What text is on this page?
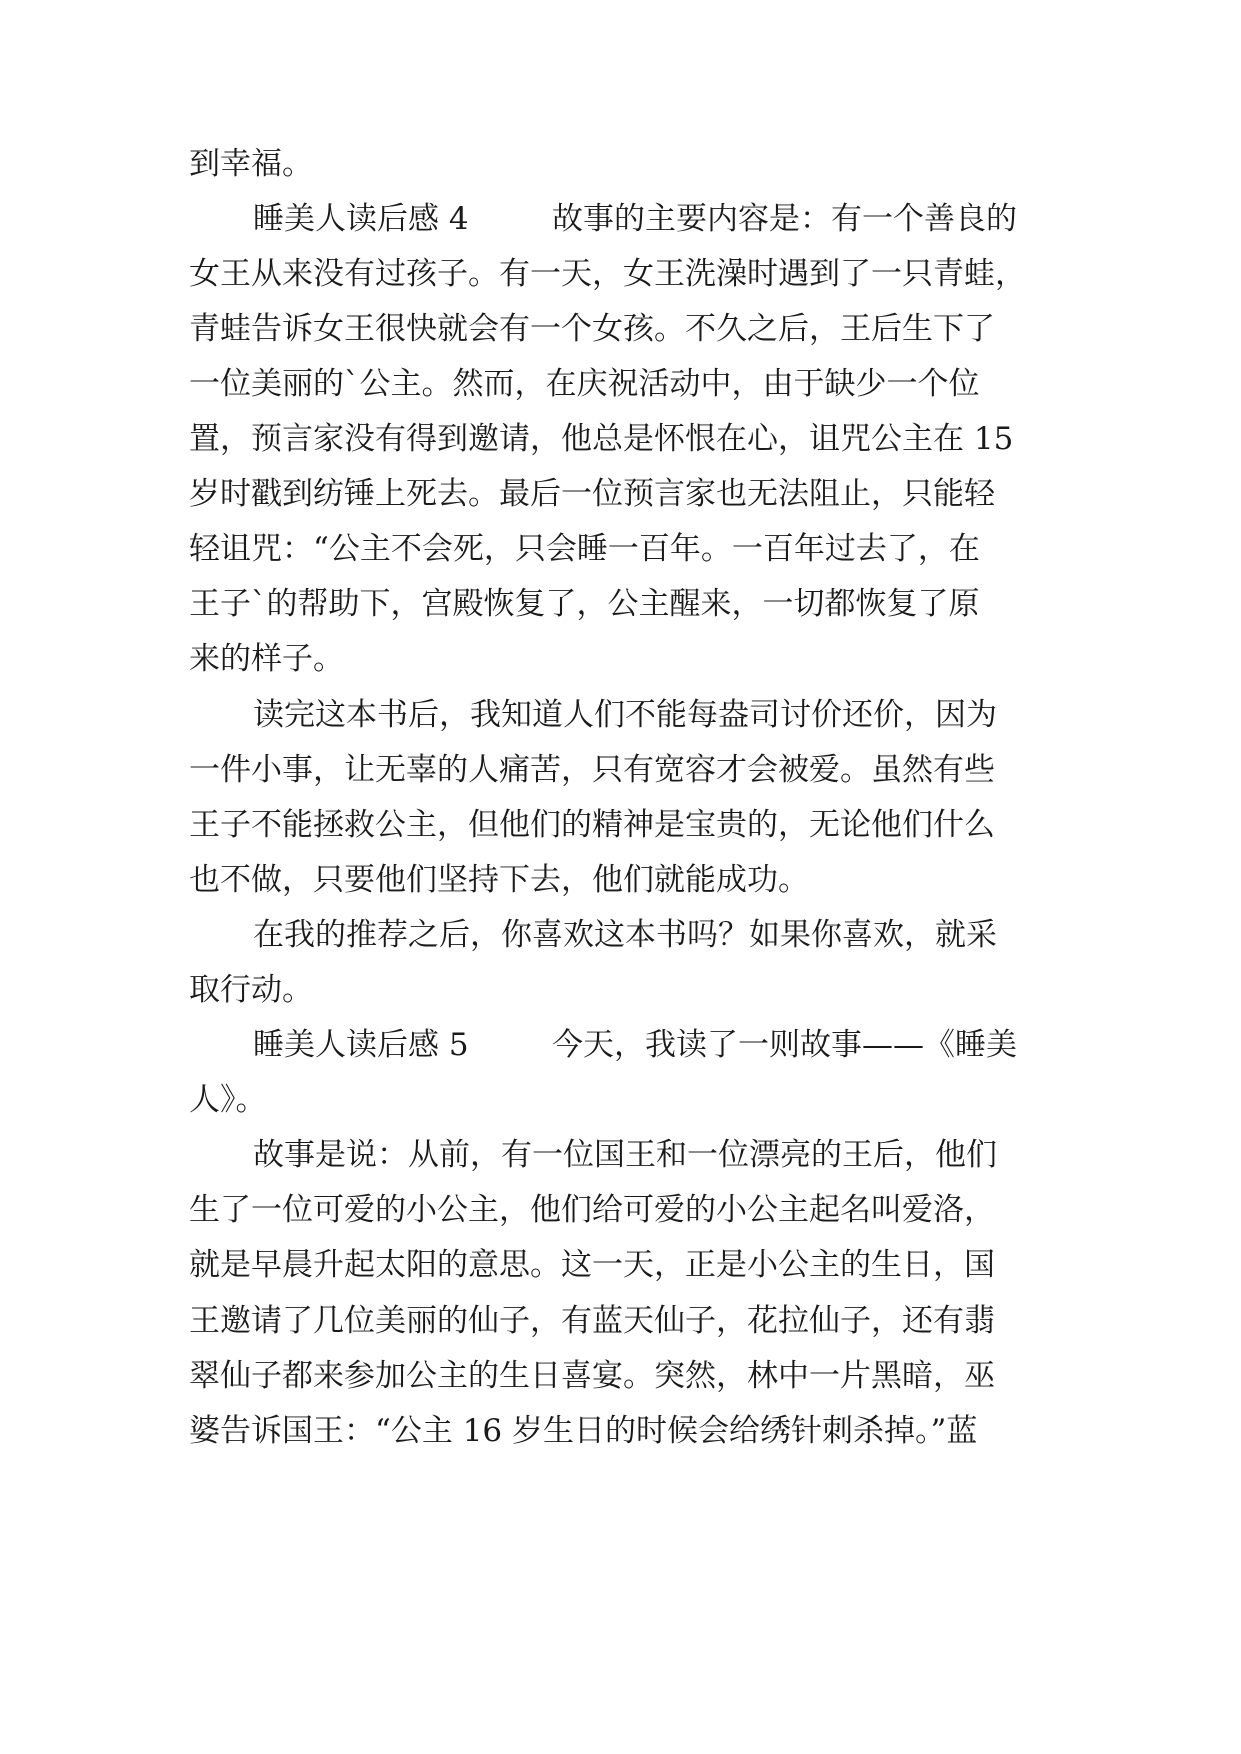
到幸福。
睡美人读后感 4	故事的主要内容是：有一个善良的
女王从来没有过孩子。有一天，女王洗澡时遇到了一只青蛙，
青蛙告诉女王很快就会有一个女孩。不久之后，王后生下了
一位美丽的`公主。然而，在庆祝活动中，由于缺少一个位
置，预言家没有得到邀请，他总是怀恨在心，诅咒公主在 15
岁时戳到纺锤上死去。最后一位预言家也无法阻止，只能轻
轻诅咒：“公主不会死，只会睡一百年。一百年过去了，在
王子`的帮助下，宫殿恢复了，公主醒来，一切都恢复了原
来的样子。
读完这本书后，我知道人们不能每盎司讨价还价，因为
一件小事，让无辜的人痛苦，只有宽容才会被爱。虽然有些
王子不能拯救公主，但他们的精神是宝贵的，无论他们什么
也不做，只要他们坚持下去，他们就能成功。
在我的推荐之后，你喜欢这本书吗？如果你喜欢，就采
取行动。
睡美人读后感 5	今天，我读了一则故事——《睡美
人》。
故事是说：从前，有一位国王和一位漂亮的王后，他们
生了一位可爱的小公主，他们给可爱的小公主起名叫爱洛，
就是早晨升起太阳的意思。这一天，正是小公主的生日，国
王邀请了几位美丽的仙子，有蓝天仙子，花拉仙子，还有翡
翠仙子都来参加公主的生日喜宴。突然，林中一片黑暗，巫
婆告诉国王：“公主 16 岁生日的时候会给绣针刺杀掉。”蓝
